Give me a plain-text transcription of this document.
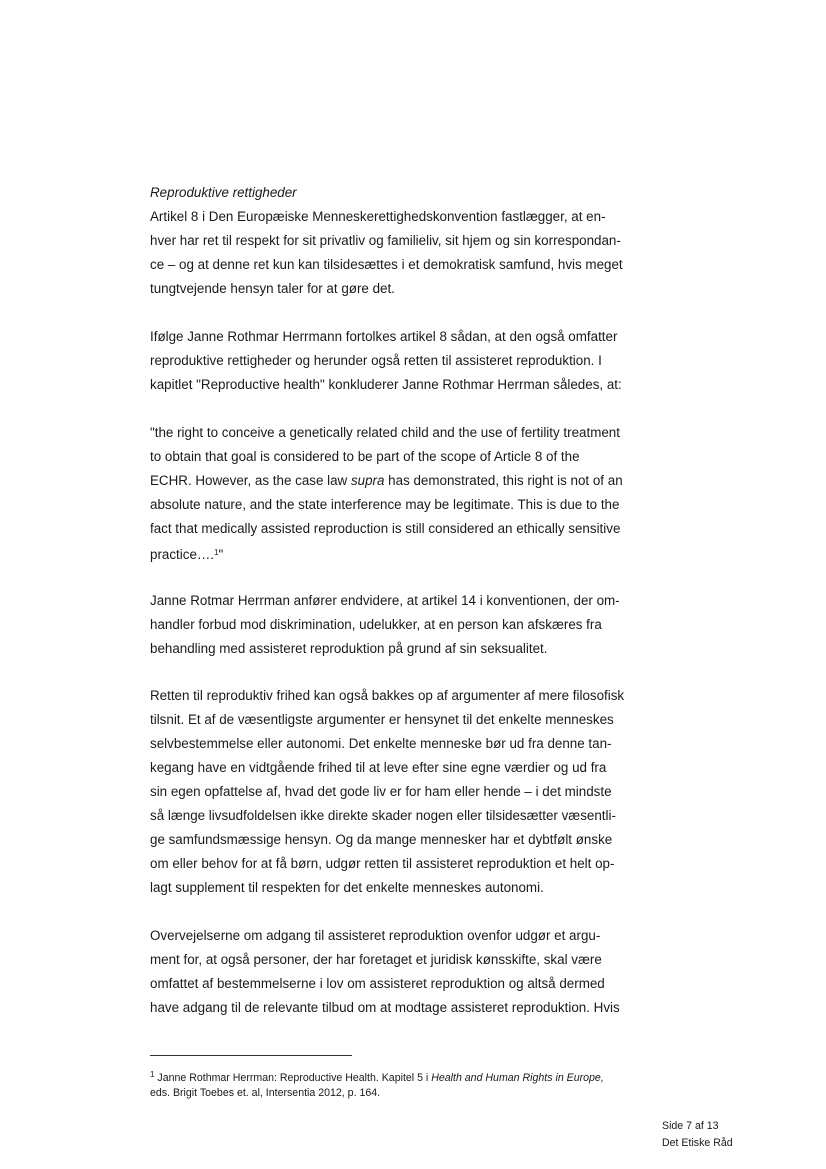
Reproduktive rettigheder
Artikel 8 i Den Europæiske Menneskerettighedskonvention fastlægger, at en-
hver har ret til respekt for sit privatliv og familieliv, sit hjem og sin korrespondan-
ce – og at denne ret kun kan tilsidesættes i et demokratisk samfund, hvis meget
tungtvejende hensyn taler for at gøre det.
Ifølge Janne Rothmar Herrmann fortolkes artikel 8 sådan, at den også omfatter
reproduktive rettigheder og herunder også retten til assisteret reproduktion. I
kapitlet "Reproductive health" konkluderer Janne Rothmar Herrman således, at:
"the right to conceive a genetically related child and the use of fertility treatment
to obtain that goal is considered to be part of the scope of Article 8 of the
ECHR. However, as the case law supra has demonstrated, this right is not of an
absolute nature, and the state interference may be legitimate. This is due to the
fact that medically assisted reproduction is still considered an ethically sensitive
practice….$^1$"
Janne Rotmar Herrman anfører endvidere, at artikel 14 i konventionen, der om-
handler forbud mod diskrimination, udelukker, at en person kan afskæres fra
behandling med assisteret reproduktion på grund af sin seksualitet.
Retten til reproduktiv frihed kan også bakkes op af argumenter af mere filosofisk
tilsnit. Et af de væsentligste argumenter er hensynet til det enkelte menneskes
selvbestemmelse eller autonomi. Det enkelte menneske bør ud fra denne tan-
kegang have en vidtgående frihed til at leve efter sine egne værdier og ud fra
sin egen opfattelse af, hvad det gode liv er for ham eller hende – i det mindste
så længe livsudfoldelsen ikke direkte skader nogen eller tilsidesætter væsentli-
ge samfundsmæssige hensyn. Og da mange mennesker har et dybtfølt ønske
om eller behov for at få børn, udgør retten til assisteret reproduktion et helt op-
lagt supplement til respekten for det enkelte menneskes autonomi.
Overvejelserne om adgang til assisteret reproduktion ovenfor udgør et argu-
ment for, at også personer, der har foretaget et juridisk kønsskifte, skal være
omfattet af bestemmelserne i lov om assisteret reproduktion og altså dermed
have adgang til de relevante tilbud om at modtage assisteret reproduktion. Hvis
$^1$ Janne Rothmar Herrman: Reproductive Health. Kapitel 5 i Health and Human Rights in Europe,
eds. Brigit Toebes et. al, Intersentia 2012, p. 164.
Side 7 af 13
Det Etiske Råd
